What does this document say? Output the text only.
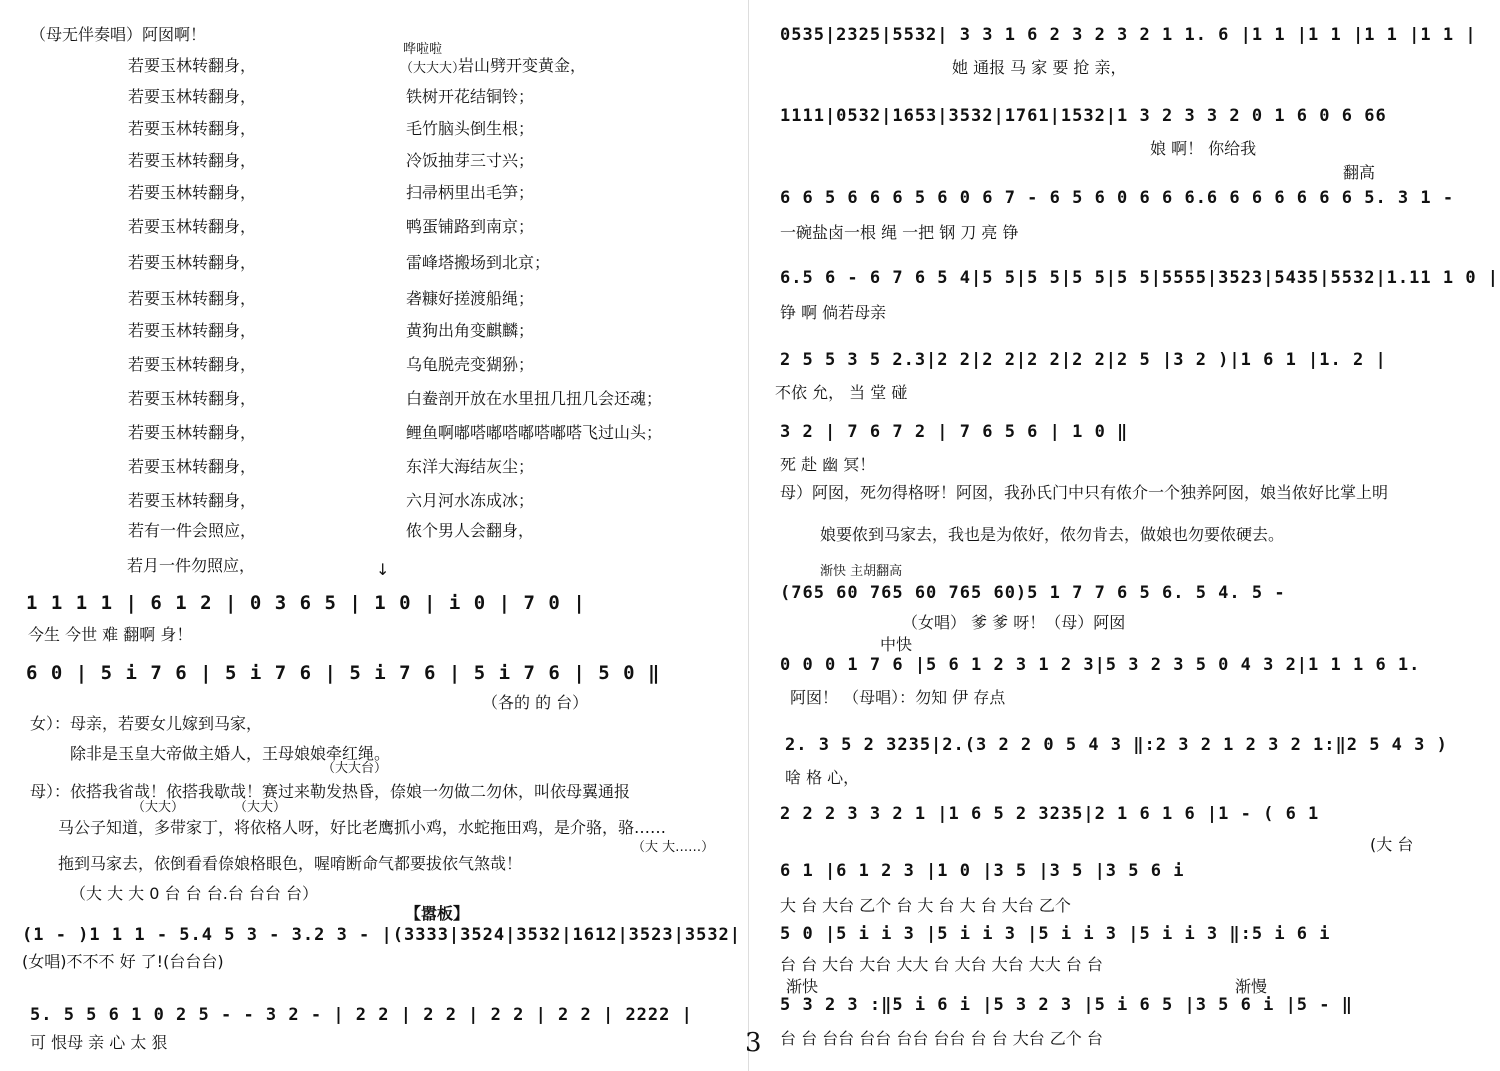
（母无伴奏唱）阿囡啊！
哗啦啦
（大大大）
若要玉林转翻身，	岩山劈开变黄金，
若要玉林转翻身，	铁树开花结铜铃；
若要玉林转翻身，	毛竹脑头倒生根；
若要玉林转翻身，	冷饭抽芽三寸兴；
若要玉林转翻身，	扫帚柄里出毛笋；
若要玉林转翻身，	鸭蛋铺路到南京；
若要玉林转翻身，	雷峰塔搬场到北京；
若要玉林转翻身，	砻糠好搓渡船绳；
若要玉林转翻身，	黄狗出角变麒麟；
若要玉林转翻身，	乌龟脱壳变猢狲；
若要玉林转翻身，	白鲞剖开放在水里扭几扭几会还魂；
若要玉林转翻身，	鲤鱼啊嘟嗒嘟嗒嘟嗒嘟嗒飞过山头；
若要玉林转翻身，	东洋大海结灰尘；
若要玉林转翻身，	六月河水冻成冰；
若有一件会照应，	侬个男人会翻身，
若月一件勿照应，
1 1 1 1 | 6 1 2 | 0 3 6 5 | 1 0 | i 0 | 7 0 |
今生 今世 难 翻啊 身！
↓
6 0 | 5 i 7 6 | 5 i 7 6 | 5 i 7 6 | 5 i 7 6 | 5 0 ‖
（各的 的 台）
女）：母亲，若要女儿嫁到马家，
除非是玉皇大帝做主婚人，王母娘娘牵红绳。
（大大台）
母）：依搭我省哉！依搭我歇哉！赛过来勒发热昏，倷娘一勿做二勿休，叫依母翼通报
（大大）	（大大）
马公子知道，多带家丁，将依格人呀，好比老鹰抓小鸡，水蛇拖田鸡，是介骆，骆……
（大 大……）
拖到马家去，依倒看看倷娘格眼色，喔唷断命气都要拔依气煞哉！
（大 大 大 0 台 台 台.台 台台 台）
【嚣板】
(1 - )1 1 1 - 5.4 5 3 - 3.2 3 - |(3333|3524|3532|1612|3523|3532|
(女唱)不不不 好 了!(台台台)
5. 5 5 6 1 0 2 5 - - 3 2 - | 2 2 | 2 2 | 2 2 | 2 2 | 2222 |
可 恨母 亲 心 太 狠	3
0535|2325|5532| 3 3 1 6 2 3 2 3 2 1 1. 6 |1 1 |1 1 |1 1 |1 1 |
她 通报 马 家 要 抢 亲，
1111|0532|1653|3532|1761|1532|1 3 2 3 3 2 0 1 6 0 6 66
娘 啊！ 你给我
翻高
6 6 5 6 6 6 5 6 0 6 7 - 6 5 6 0 6 6 6.6 6 6 6 6 6 6 5. 3 1 -
一碗盐卤一根 绳 一把 钢 刀 亮 铮
6.5 6 - 6 7 6 5 4|5 5|5 5|5 5|5 5|5555|3523|5435|5532|1.11 1 0 |
铮 啊 倘若母亲
2 5 5 3 5 2.3|2 2|2 2|2 2|2 2|2 5 |3 2 )|1 6 1 |1. 2 |
不依 允， 当 堂 碰
3 2 | 7 6 7 2 | 7 6 5 6 | 1 0 ‖
死 赴 幽 冥！
母）阿囡，死勿得格呀！阿囡，我孙氏门中只有侬介一个独养阿囡，娘当侬好比掌上明
娘要侬到马家去，我也是为侬好，侬勿肯去，做娘也勿要侬硬去。
渐快 主胡翻高
(765 60 765 60 765 60)5 1 7 7 6 5 6. 5 4. 5 -
（女唱） 爹 爹 呀！（母）阿囡
中快
0 0 0 1 7 6 |5 6 1 2 3 1 2 3|5 3 2 3 5 0 4 3 2|1 1 1 6 1.
阿囡！ （母唱）：勿知 伊 存点
2. 3 5 2 3235|2.(3 2 2 0 5 4 3 ‖:2 3 2 1 2 3 2 1:‖2 5 4 3 )
啥 格 心，
2 2 2 3 3 2 1 |1 6 5 2 3235|2 1 6 1 6 |1 - ( 6 1
(大 台
6 1 |6 1 2 3 |1 0 |3 5 |3 5 |3 5 6 i
大 台 大台 乙个 台 大 台 大 台 大台 乙个
5 0 |5 i i 3 |5 i i 3 |5 i i 3 |5 i i 3 ‖:5 i 6 i
台 台 大台 大台 大大 台 大台 大台 大大 台 台
渐快	渐慢
5 3 2 3 :‖5 i 6 i |5 3 2 3 |5 i 6 5 |3 5 6 i |5 - ‖
台 台 台台 台台 台台 台台 台 台 大台 乙个 台
